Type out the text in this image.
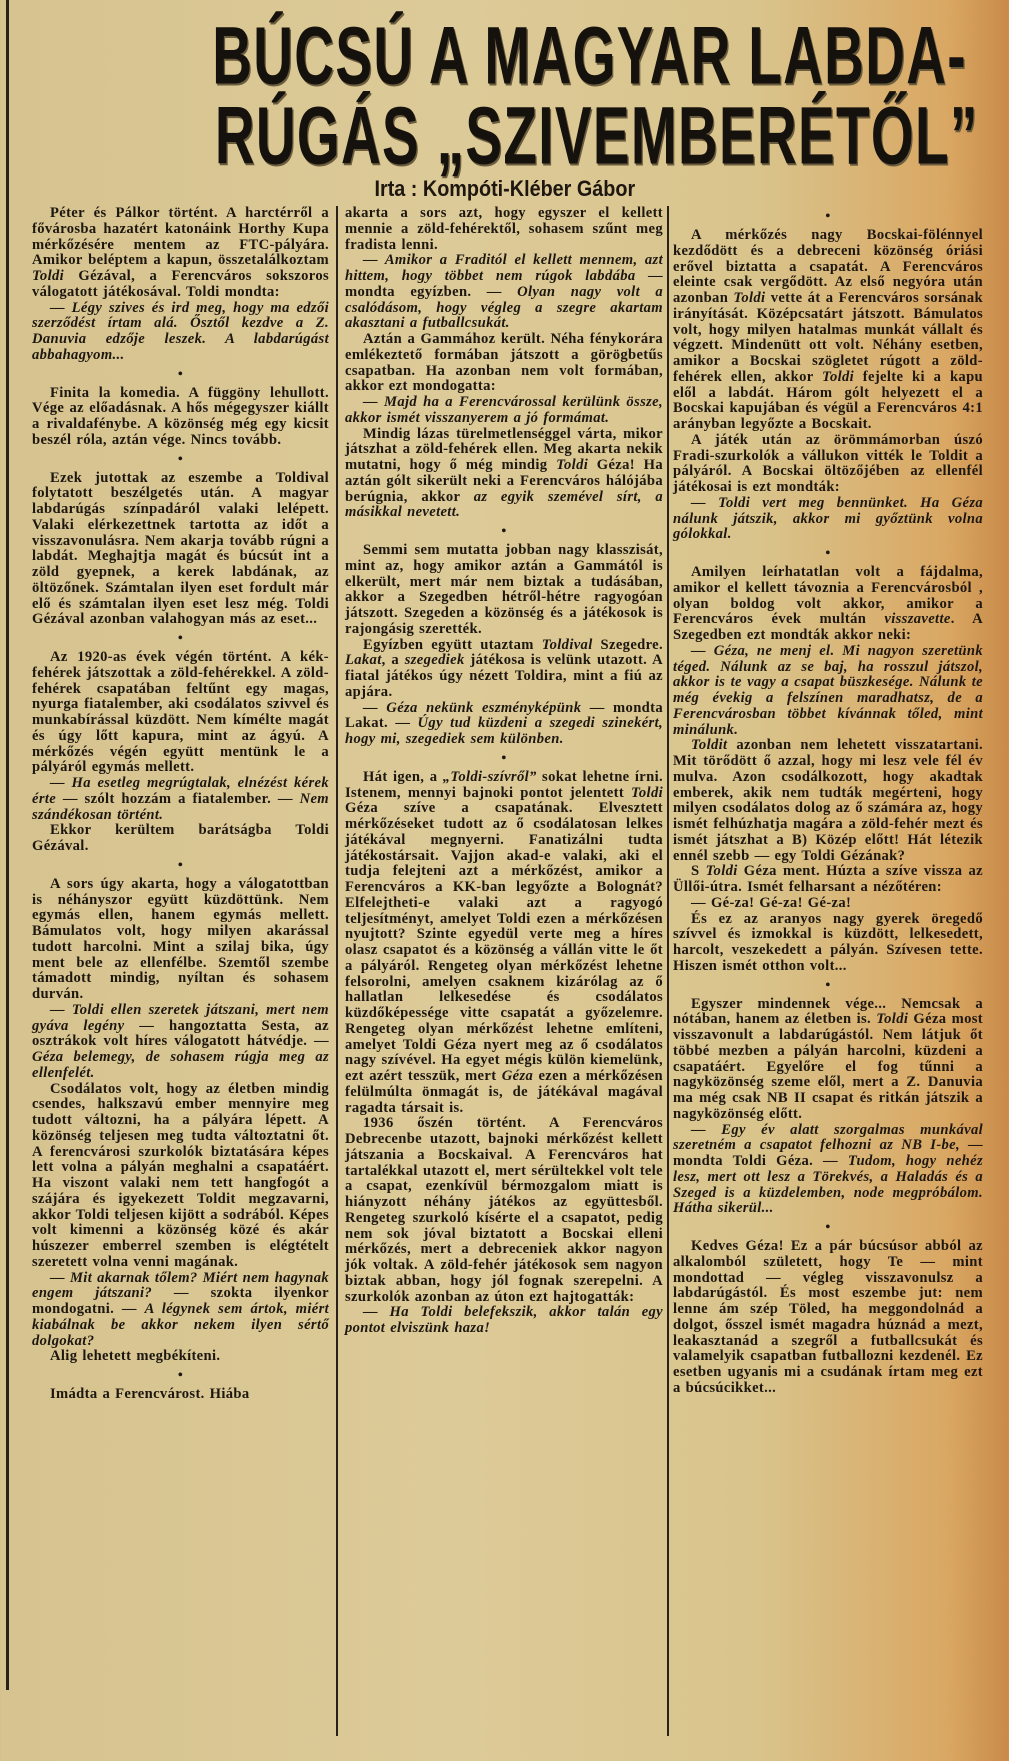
BÚCSÚ A MAGYAR LABDA-
RÚGÁS „SZIVEMBERÉTŐL”
Irta : Kompóti-Kléber Gábor

Péter és Pálkor történt. A harctérről a fővárosba hazatért katonáink Horthy Kupa mérkőzésére mentem az FTC-pályára. Amikor beléptem a kapun, összetalálkoztam Toldi Gézával, a Ferencváros sokszoros válogatott játékosával. Toldi mondta:

— Légy szives és ird meg, hogy ma edzői szerződést írtam alá. Ősztől kezdve a Z. Danuvia edzője leszek. A labdarúgást abbahagyom...

•

Finita la komedia. A függöny lehullott. Vége az előadásnak. A hős mégegyszer kiállt a rivaldafénybe. A közönség még egy kicsit beszél róla, aztán vége. Nincs tovább.

•

Ezek jutottak az eszembe a Toldival folytatott beszélgetés után. A magyar labdarúgás színpadáról valaki lelépett. Valaki elérkezettnek tartotta az időt a visszavonulásra. Nem akarja tovább rúgni a labdát. Meghajtja magát és búcsút int a zöld gyepnek, a kerek labdának, az öltözőnek. Számtalan ilyen eset fordult már elő és számtalan ilyen eset lesz még. Toldi Gézával azonban valahogyan más az eset...

•

Az 1920-as évek végén történt. A kék-fehérek játszottak a zöld-fehérekkel. A zöld-fehérek csapatában feltűnt egy magas, nyurga fiatalember, aki csodálatos szivvel és munkabírással küzdött. Nem kímélte magát és úgy lőtt kapura, mint az ágyú. A mérkőzés végén együtt mentünk le a pályáról egymás mellett.

— Ha esetleg megrúgtalak, elnézést kérek érte — szólt hozzám a fiatalember. — Nem szándékosan történt.

Ekkor kerültem barátságba Toldi Gézával.

•

A sors úgy akarta, hogy a válogatottban is néhányszor együtt küzdöttünk. Nem egymás ellen, hanem egymás mellett. Bámulatos volt, hogy milyen akarással tudott harcolni. Mint a szilaj bika, úgy ment bele az ellenfélbe. Szemtől szembe támadott mindig, nyíltan és sohasem durván.

— Toldi ellen szeretek játszani, mert nem gyáva legény — hangoztatta Sesta, az osztrákok volt híres válogatott hátvédje. — Géza belemegy, de sohasem rúgja meg az ellenfelét.

Csodálatos volt, hogy az életben mindig csendes, halkszavú ember mennyire meg tudott változni, ha a pályára lépett. A közönség teljesen meg tudta változtatni őt. A ferencvárosi szurkolók biztatására képes lett volna a pályán meghalni a csapatáért. Ha viszont valaki nem tett hangfogót a szájára és igyekezett Toldit megzavarni, akkor Toldi teljesen kijött a sodrából. Képes volt kimenni a közönség közé és akár húszezer emberrel szemben is elégtételt szeretett volna venni magának.

— Mit akarnak tőlem? Miért nem hagynak engem játszani? — szokta ilyenkor mondogatni. — A légynek sem ártok, miért kiabálnak be akkor nekem ilyen sértő dolgokat?

Alig lehetett megbékíteni.

•

Imádta a Ferencvárost. Hiába

akarta a sors azt, hogy egyszer el kellett mennie a zöld-fehérektől, sohasem szűnt meg fradista lenni.

— Amikor a Fraditól el kellett mennem, azt hittem, hogy többet nem rúgok labdába — mondta egyízben. — Olyan nagy volt a csalódásom, hogy végleg a szegre akartam akasztani a futballcsukát.

Aztán a Gammához került. Néha fénykorára emlékeztető formában játszott a görögbetűs csapatban. Ha azonban nem volt formában, akkor ezt mondogatta:

— Majd ha a Ferencvárossal kerülünk össze, akkor ismét visszanyerem a jó formámat.

Mindig lázas türelmetlenséggel várta, mikor játszhat a zöld-fehérek ellen. Meg akarta nekik mutatni, hogy ő még mindig Toldi Géza! Ha aztán gólt sikerült neki a Ferencváros hálójába berúgnia, akkor az egyik szemével sírt, a másikkal nevetett.

•

Semmi sem mutatta jobban nagy klasszisát, mint az, hogy amikor aztán a Gammától is elkerült, mert már nem biztak a tudásában, akkor a Szegedben hétről-hétre ragyogóan játszott. Szegeden a közönség és a játékosok is rajongásig szerették.

Egyízben együtt utaztam Toldival Szegedre. Lakat, a szegediek játékosa is velünk utazott. A fiatal játékos úgy nézett Toldira, mint a fiú az apjára.

— Géza nekünk eszményképünk — mondta Lakat. — Úgy tud küzdeni a szegedi szinekért, hogy mi, szegediek sem különben.

•

Hát igen, a „Toldi-szívről” sokat lehetne írni. Istenem, mennyi bajnoki pontot jelentett Toldi Géza szíve a csapatának. Elvesztett mérkőzéseket tudott az ő csodálatosan lelkes játékával megnyerni. Fanatizálni tudta játékostársait. Vajjon akad-e valaki, aki el tudja felejteni azt a mérkőzést, amikor a Ferencváros a KK-ban legyőzte a Bolognát? Elfelejtheti-e valaki azt a ragyogó teljesítményt, amelyet Toldi ezen a mérkőzésen nyujtott? Szinte egyedül verte meg a híres olasz csapatot és a közönség a vállán vitte le őt a pályáról. Rengeteg olyan mérkőzést lehetne felsorolni, amelyen csaknem kizárólag az ő hallatlan lelkesedése és csodálatos küzdőképessége vitte csapatát a győzelemre. Rengeteg olyan mérkőzést lehetne említeni, amelyet Toldi Géza nyert meg az ő csodálatos nagy szívével. Ha egyet mégis külön kiemelünk, ezt azért tesszük, mert Géza ezen a mérkőzésen felülmúlta önmagát is, de játékával magával ragadta társait is.

1936 őszén történt. A Ferencváros Debrecenbe utazott, bajnoki mérkőzést kellett játszania a Bocskaival. A Ferencváros hat tartalékkal utazott el, mert sérültekkel volt tele a csapat, ezenkívül bérmozgalom miatt is hiányzott néhány játékos az együttesből. Rengeteg szurkoló kísérte el a csapatot, pedig nem sok jóval biztatott a Bocskai elleni mérkőzés, mert a debreceniek akkor nagyon jók voltak. A zöld-fehér játékosok sem nagyon biztak abban, hogy jól fognak szerepelni. A szurkolók azonban az úton ezt hajtogatták:

— Ha Toldi belefekszik, akkor talán egy pontot elviszünk haza!

•

A mérkőzés nagy Bocskai-fölénnyel kezdődött és a debreceni közönség óriási erővel biztatta a csapatát. A Ferencváros eleinte csak vergődött. Az első negyóra után azonban Toldi vette át a Ferencváros sorsának irányítását. Középcsatárt játszott. Bámulatos volt, hogy milyen hatalmas munkát vállalt és végzett. Mindenütt ott volt. Néhány esetben, amikor a Bocskai szögletet rúgott a zöld-fehérek ellen, akkor Toldi fejelte ki a kapu elől a labdát. Három gólt helyezett el a Bocskai kapujában és végül a Ferencváros 4:1 arányban legyőzte a Bocskait.

A játék után az örömmámorban úszó Fradi-szurkolók a vállukon vitték le Toldit a pályáról. A Bocskai öltözőjében az ellenfél játékosai is ezt mondták:

— Toldi vert meg bennünket. Ha Géza nálunk játszik, akkor mi győztünk volna gólokkal.

•

Amilyen leírhatatlan volt a fájdalma, amikor el kellett távoznia a Ferencvárosból , olyan boldog volt akkor, amikor a Ferencváros évek multán visszavette. A Szegedben ezt mondták akkor neki:

— Géza, ne menj el. Mi nagyon szeretünk téged. Nálunk az se baj, ha rosszul játszol, akkor is te vagy a csapat büszkesége. Nálunk te még évekig a felszínen maradhatsz, de a Ferencvárosban többet kívánnak tőled, mint minálunk.

Toldit azonban nem lehetett visszatartani. Mit törődött ő azzal, hogy mi lesz vele fél év mulva. Azon csodálkozott, hogy akadtak emberek, akik nem tudták megérteni, hogy milyen csodálatos dolog az ő számára az, hogy ismét felhúzhatja magára a zöld-fehér mezt és ismét játszhat a B) Közép előtt! Hát létezik ennél szebb — egy Toldi Gézának?

S Toldi Géza ment. Húzta a szíve vissza az Üllői-útra. Ismét felharsant a nézőtéren:

— Gé-za! Gé-za! Gé-za!

És ez az aranyos nagy gyerek öregedő szívvel és izmokkal is küzdött, lelkesedett, harcolt, veszekedett a pályán. Szívesen tette. Hiszen ismét otthon volt...

•

Egyszer mindennek vége... Nemcsak a nótában, hanem az életben is. Toldi Géza most visszavonult a labdarúgástól. Nem látjuk őt többé mezben a pályán harcolni, küzdeni a csapatáért. Egyelőre el fog tűnni a nagyközönség szeme elől, mert a Z. Danuvia ma még csak NB II csapat és ritkán játszik a nagyközönség előtt.

— Egy év alatt szorgalmas munkával szeretném a csapatot felhozni az NB I-be, — mondta Toldi Géza. — Tudom, hogy nehéz lesz, mert ott lesz a Törekvés, a Haladás és a Szeged is a küzdelemben, node megpróbálom. Hátha sikerül...

•

Kedves Géza! Ez a pár búcsúsor abból az alkalomból született, hogy Te — mint mondottad — végleg visszavonulsz a labdarúgástól. És most eszembe jut: nem lenne ám szép Töled, ha meggondolnád a dolgot, ősszel ismét magadra húznád a mezt, leakasztanád a szegről a futballcsukát és valamelyik csapatban futballozni kezdenél. Ez esetben ugyanis mi a csudának írtam meg ezt a búcsúcikket...
